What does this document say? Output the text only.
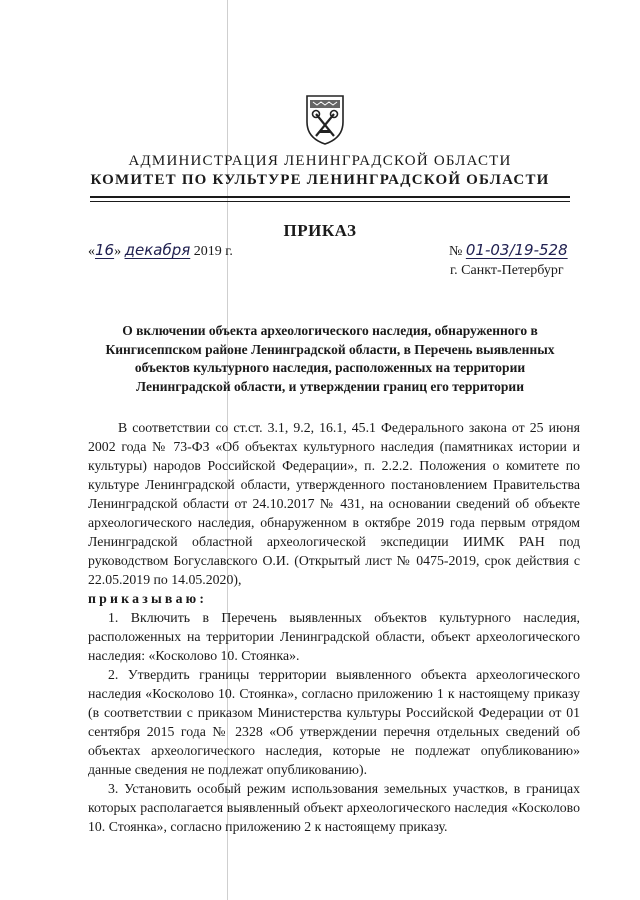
АДМИНИСТРАЦИЯ ЛЕНИНГРАДСКОЙ ОБЛАСТИ
КОМИТЕТ ПО КУЛЬТУРЕ ЛЕНИНГРАДСКОЙ ОБЛАСТИ
ПРИКАЗ
«16» декабря 2019 г.	№ 01-03/19-528
г. Санкт-Петербург
О включении объекта археологического наследия, обнаруженного в
Кингисеппском районе Ленинградской области, в Перечень выявленных
объектов культурного наследия, расположенных на территории
Ленинградской области, и утверждении границ его территории

В соответствии со ст.ст. 3.1, 9.2, 16.1, 45.1 Федерального закона от 25 июня 2002 года № 73-ФЗ «Об объектах культурного наследия (памятниках истории и культуры) народов Российской Федерации», п. 2.2.2. Положения о комитете по культуре Ленинградской области, утвержденного постановлением Правительства Ленинградской области от 24.10.2017 № 431, на основании сведений об объекте археологического наследия, обнаруженном в октябре 2019 года первым отрядом Ленинградской областной археологической экспедиции ИИМК РАН под руководством Богуславского О.И. (Открытый лист № 0475-2019, срок действия с 22.05.2019 по 14.05.2020),

приказываю:

1. Включить в Перечень выявленных объектов культурного наследия, расположенных на территории Ленинградской области, объект археологического наследия: «Косколово 10. Стоянка».

2. Утвердить границы территории выявленного объекта археологического наследия «Косколово 10. Стоянка», согласно приложению 1 к настоящему приказу (в соответствии с приказом Министерства культуры Российской Федерации от 01 сентября 2015 года № 2328 «Об утверждении перечня отдельных сведений об объектах археологического наследия, которые не подлежат опубликованию» данные сведения не подлежат опубликованию).

3. Установить особый режим использования земельных участков, в границах которых располагается выявленный объект археологического наследия «Косколово 10. Стоянка», согласно приложению 2 к настоящему приказу.
